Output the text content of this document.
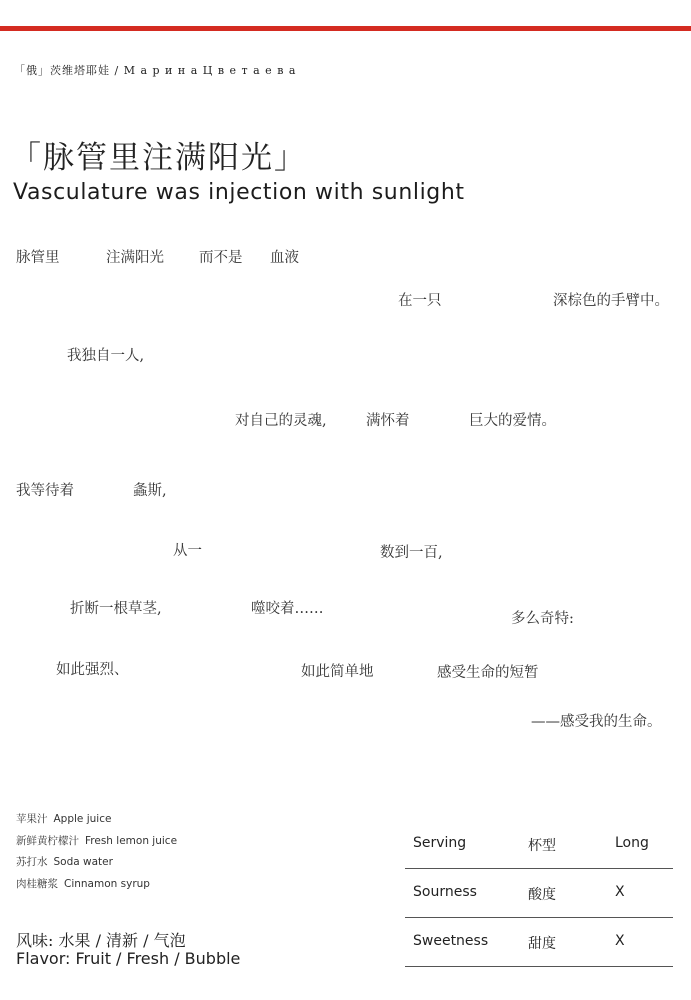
「俄」茨维塔耶娃 / М а р и н а Ц в е т а е в а
「脉管里注满阳光」
Vasculature was injection with sunlight
脉管里	注满阳光 而不是 血液
在一只	深棕色的手臂中。
我独自一人,
对自己的灵魂,	满怀着	巨大的爱情。
我等待着	螽斯,
从一	数到一百,
折断一根草茎,	噬咬着……
多么奇特:
如此强烈、	如此简单地	感受生命的短暂
——感受我的生命。
苹果汁 Apple juice
新鲜黄柠檬汁 Fresh lemon juice
苏打水 Soda water
肉桂糖浆 Cinnamon syrup
风味: 水果 / 清新 / 气泡
Flavor: Fruit / Fresh / Bubble
Serving	杯型	Long
Sourness	酸度	X
Sweetness	甜度	X
